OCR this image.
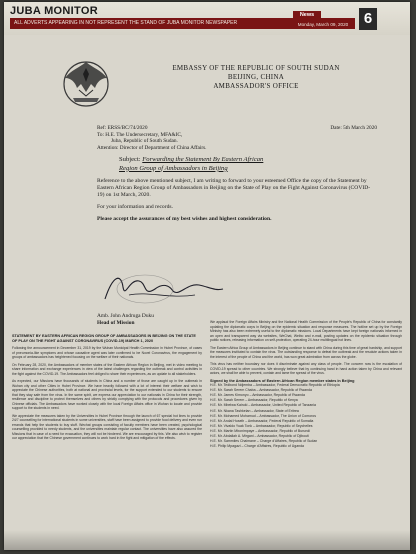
JUBA MONITOR
ALL ADVERTS APPEARING IN NOT REPRESENT THE STAND OF JUBA MONITOR NEWSPAPER
News
Monday, March 09, 2020	6
EMBASSY OF THE REPUBLIC OF SOUTH SUDAN
BEIJING, CHINA
AMBASSADOR'S OFFICE
Ref: ERSS/BC/74/2020	Date: 5th March 2020
To: H.E. The Undersecretary, MFA&IC,
Juba, Republic of South Sudan.
Attention: Director of Department of China Affairs.
Subject: Forwarding the Statement By Eastern African
Region Group of Ambassadors in Beijing
Reference to the above mentioned subject, I am writing to forward to your esteemed Office the copy of the Statement by Eastern African Region Group of Ambassadors in Beijing on the State of Play on the Fight Against Coronavirus (COVID-19) on 1st March, 2020.
For your information and records.
Please accept the assurances of my best wishes and highest consideration.
Amb. John Andruga Duku
Head of Mission
STATEMENT BY EASTERN AFRICAN REGION GROUP OF AMBASSADORS IN BEIJING ON THE STATE OF PLAY ON THE FIGHT AGAINST CORONAVIRUS (COVID-19) MARCH 1, 2020
Following the announcement in December 31, 2019 by the Wuhan Municipal Health Commission in Hubei Province, of cases of pneumonia-like symptoms and whose causative agent was later confirmed to be Novel Coronavirus, the engagement by groups of ambassadors has heightened focusing on the welfare of their nationals.
On February 28, 2020, the Ambassadors of member states of the Eastern African Region in Beijing, met in video meeting to share information and exchange experiences in view of the latest challenges regarding the outbreak and control activities in the fight against the COVID-19. The Ambassadors feel obliged to share their experiences, as an update to all stakeholders.
As expected, our Missions have thousands of students in China and a number of those are caught up in the outbreak in Wuhan city and other Cities in Hubei Province. We have heavily followed with a lot of interest their welfare and wish to appreciate the Chinese authorities, both at national and provincial levels, for the support extended to our students to ensure that they stay safe from the virus. In the same spirit, we express our appreciation to our nationals in China for their strength, resilience and discipline to protect themselves and others by strictly complying with the protocols and procedures given by Chinese officials. The Ambassadors have worked closely with the local Foreign Affairs office in Wuhan to locate and provide support to the students in need.
We appreciate the measures taken by the Universities in Hubei Province through the launch of 67 special hot lines to provide 24/7 counselling for international students in some universities, staff have been assigned to provide food delivery and even run errands that help the students to buy stuff. Wechat groups consisting of faculty members have been created, psychological counselling provided to needy students, and the universities maintain regular contact. The universities have also assured the Missions that in case of a need for evacuation, they will not be hindered. We are encouraged by this. We also wish to register our appreciation that the Chinese government continues to work hard in the fight and mitigation of the effects.
We applaud the Foreign Affairs Ministry and the National Health Commission of the People's Republic of China for constantly updating the diplomatic corps in Beijing on the epidemic situation and response measures. The hotline set up by the Foreign Ministry has also been extremely useful to the diplomatic missions. Local Departments have kept foreign nationals informed in an open and transparent way via websites, WeChat, Weibo and e-mail, posting updates on the epidemic situation through public notices, releasing information on self-protection, operating 24-hour multilingual hot lines.
The Eastern Africa Group of Ambassadors in Beijing continue to stand with China during this time of great hardship, and support the measures instituted to contain the virus. The outstanding response to defeat the outbreak and the resolute actions taken in the interest of the people of China and the world, has won great admiration from across the globe.
This virus has neither boundary nor does it discriminate against any class of people. The concern now is the escalation of COVID-19 spread to other countries. We strongly believe that by continuing hand in hand action taken by China and relevant actors, we shall be able to prevent, contain and tame the spread of the virus.
Signed by the Ambassadors of Eastern African Region member states in Beijing
H.E. Mr. Tedbond Ndjemba – Ambassador, Federal Democratic Republic of Ethiopia
H.E. Mr. Sarah Serem Chaba – Ambassador, Republic of Rwanda
H.E. Mr. James Kimonyo – Ambassador, Republic of Rwanda
H.E. Mr. Sarah Serem – Ambassador, Republic of Kenya
H.E. Mr. Mbelwa Kairuki – Ambassador, United Republic of Tanzania
H.E. Mr. Nkana Tashkelan – Ambassador, State of Eritrea
H.E. Mr. Mohamed Mohamud – Ambassador, The Union of Comoros
H.E. Mr. Andal Huseih – Ambassador, Federal Republic of Somalia
H.E. Mr. Vivaldo Yuak Tonk – Ambassador, Republic of Seychelles
H.E. Mr. Martin Mbonimpaye – Ambassador, Republic of Burundi
H.E. Mr. Abdallah A. Mirgani – Ambassador, Republic of Djibouti
H.E. Mr. Sammiles Chaimane – Charge d'Affaires, Republic of Sudan
H.E. Philip Mpagazi – Charge d'Affaires, Republic of Uganda
